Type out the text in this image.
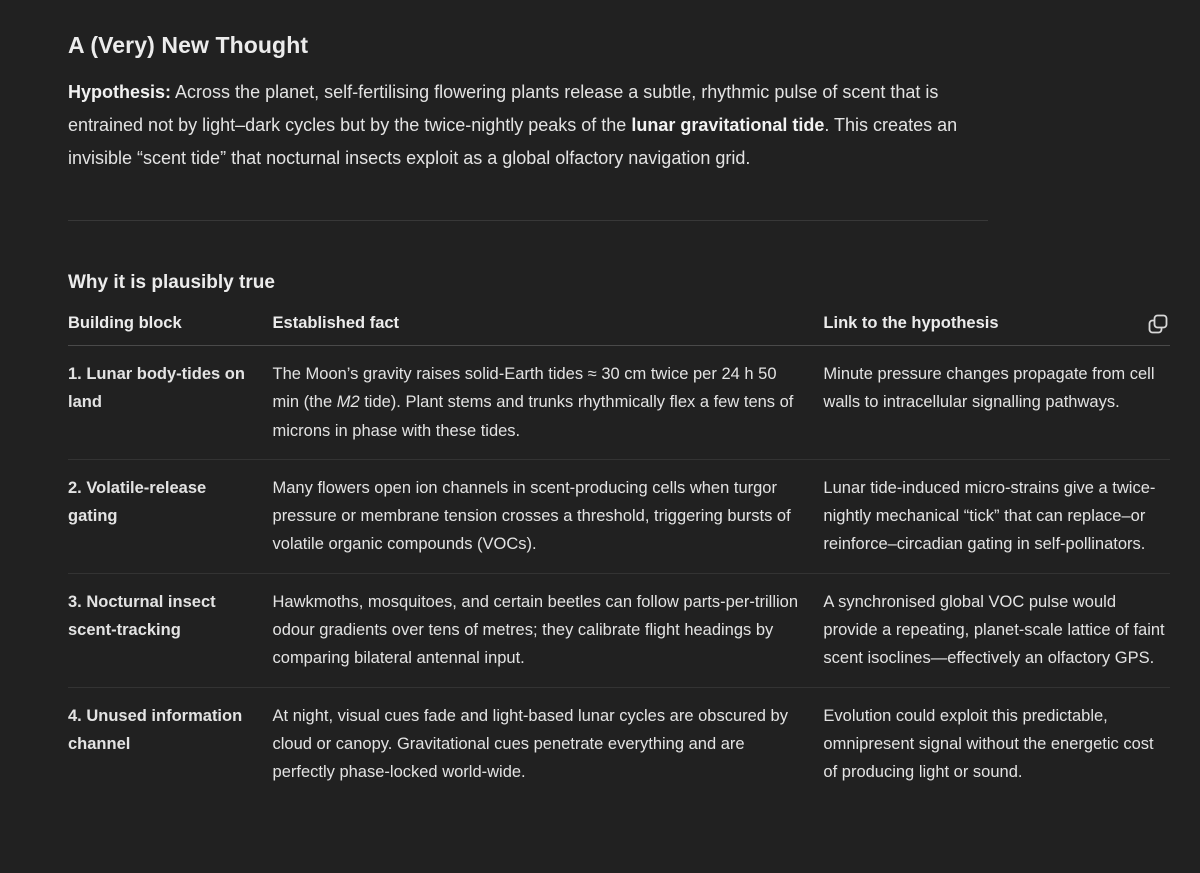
A (Very) New Thought

Hypothesis: Across the planet, self-fertilising flowering plants release a subtle, rhythmic pulse of scent that is entrained not by light–dark cycles but by the twice-nightly peaks of the lunar gravitational tide. This creates an invisible “scent tide” that nocturnal insects exploit as a global olfactory navigation grid.

Why it is plausibly true
Building block	Established fact	Link to the hypothesis

1. Lunar body-tides on land	The Moon’s gravity raises solid-Earth tides ≈ 30 cm twice per 24 h 50 min (the M2 tide). Plant stems and trunks rhythmically flex a few tens of microns in phase with these tides.	Minute pressure changes propagate from cell walls to intracellular signalling pathways.
2. Volatile-release gating	Many flowers open ion channels in scent-producing cells when turgor pressure or membrane tension crosses a threshold, triggering bursts of volatile organic compounds (VOCs).	Lunar tide-induced micro-strains give a twice-nightly mechanical “tick” that can replace–or reinforce–circadian gating in self-pollinators.
3. Nocturnal insect scent-tracking	Hawkmoths, mosquitoes, and certain beetles can follow parts-per-trillion odour gradients over tens of metres; they calibrate flight headings by comparing bilateral antennal input.	A synchronised global VOC pulse would provide a repeating, planet-scale lattice of faint scent isoclines—effectively an olfactory GPS.
4. Unused information channel	At night, visual cues fade and light-based lunar cycles are obscured by cloud or canopy. Gravitational cues penetrate everything and are perfectly phase-locked world-wide.	Evolution could exploit this predictable, omnipresent signal without the energetic cost of producing light or sound.
